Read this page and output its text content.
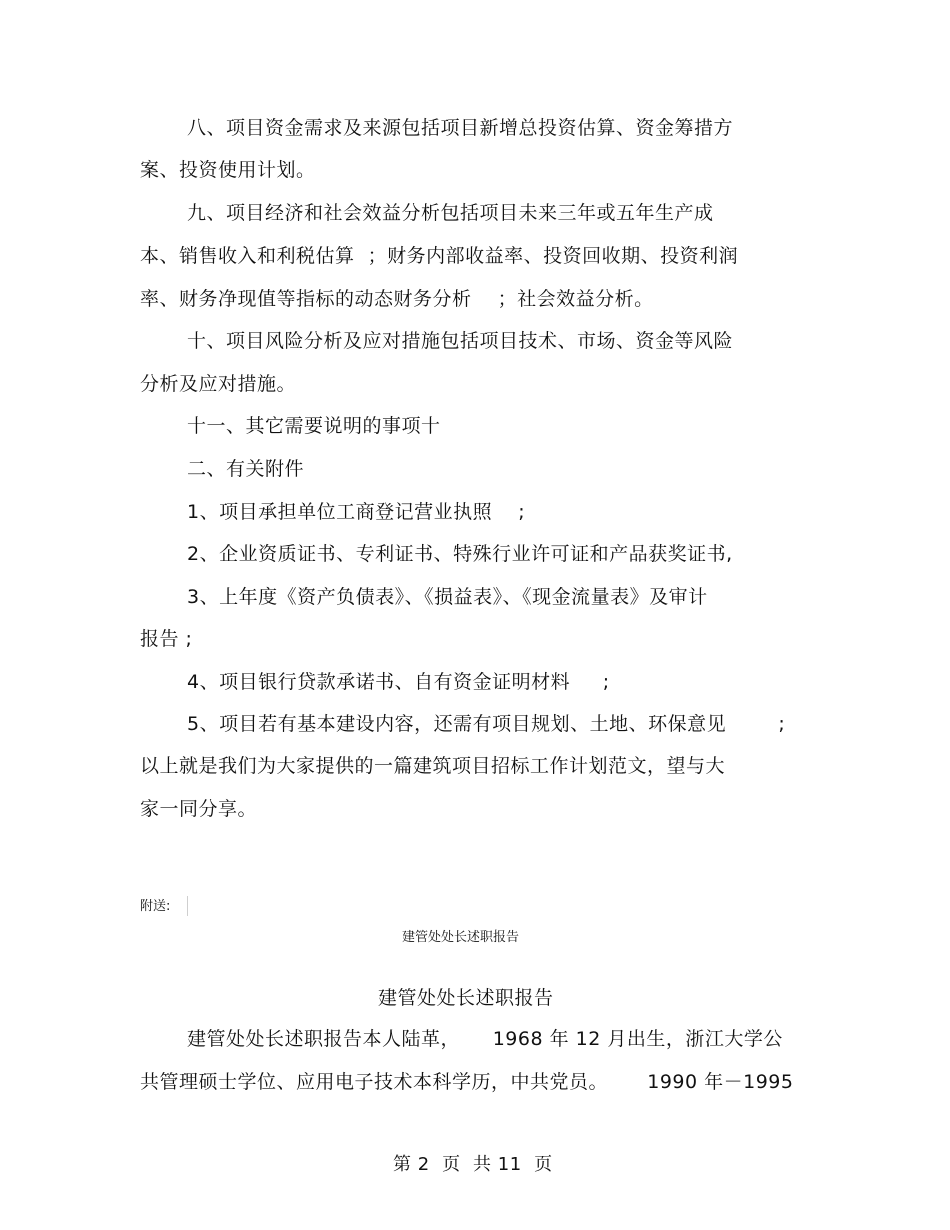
八、项目资金需求及来源包括项目新增总投资估算、资金筹措方
案、投资使用计划。
九、项目经济和社会效益分析包括项目未来三年或五年生产成
本、销售收入和利税估算  ；财务内部收益率、投资回收期、投资利润
率、财务净现值等指标的动态财务分析    ；社会效益分析。
十、项目风险分析及应对措施包括项目技术、市场、资金等风险
分析及应对措施。
十一、其它需要说明的事项十
二、有关附件
1、项目承担单位工商登记营业执照    ;
2、企业资质证书、专利证书、特殊行业许可证和产品获奖证书,
3、上年度《资产负债表》、《损益表》、《现金流量表》及审计
报告 ;
4、项目银行贷款承诺书、自有资金证明材料     ;
5、项目若有基本建设内容，还需有项目规划、土地、环保意见        ;
以上就是我们为大家提供的一篇建筑项目招标工作计划范文，望与大
家一同分享。
附送:
建管处处长述职报告
建管处处长述职报告
建管处处长述职报告本人陆革，     1968 年 12 月出生，浙江大学公
共管理硕士学位、应用电子技术本科学历，中共党员。      1990 年－1995
第 2  页  共 11  页
